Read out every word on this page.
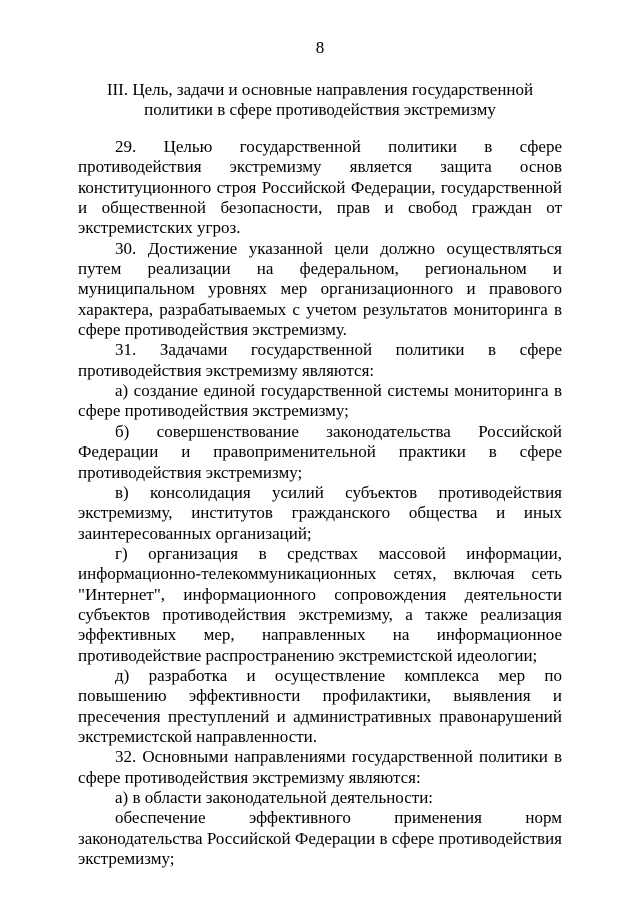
8
III. Цель, задачи и основные направления государственной политики в сфере противодействия экстремизму

29. Целью государственной политики в сфере противодействия экстремизму является защита основ конституционного строя Российской Федерации, государственной и общественной безопасности, прав и свобод граждан от экстремистских угроз.

30. Достижение указанной цели должно осуществляться путем реализации на федеральном, региональном и муниципальном уровнях мер организационного и правового характера, разрабатываемых с учетом результатов мониторинга в сфере противодействия экстремизму.

31. Задачами государственной политики в сфере противодействия экстремизму являются:

а) создание единой государственной системы мониторинга в сфере противодействия экстремизму;

б) совершенствование законодательства Российской Федерации и правоприменительной практики в сфере противодействия экстремизму;

в) консолидация усилий субъектов противодействия экстремизму, институтов гражданского общества и иных заинтересованных организаций;

г) организация в средствах массовой информации, информационно-телекоммуникационных сетях, включая сеть "Интернет", информационного сопровождения деятельности субъектов противодействия экстремизму, а также реализация эффективных мер, направленных на информационное противодействие распространению экстремистской идеологии;

д) разработка и осуществление комплекса мер по повышению эффективности профилактики, выявления и пресечения преступлений и административных правонарушений экстремистской направленности.

32. Основными направлениями государственной политики в сфере противодействия экстремизму являются:

а) в области законодательной деятельности:

обеспечение эффективного применения норм законодательства Российской Федерации в сфере противодействия экстремизму;
